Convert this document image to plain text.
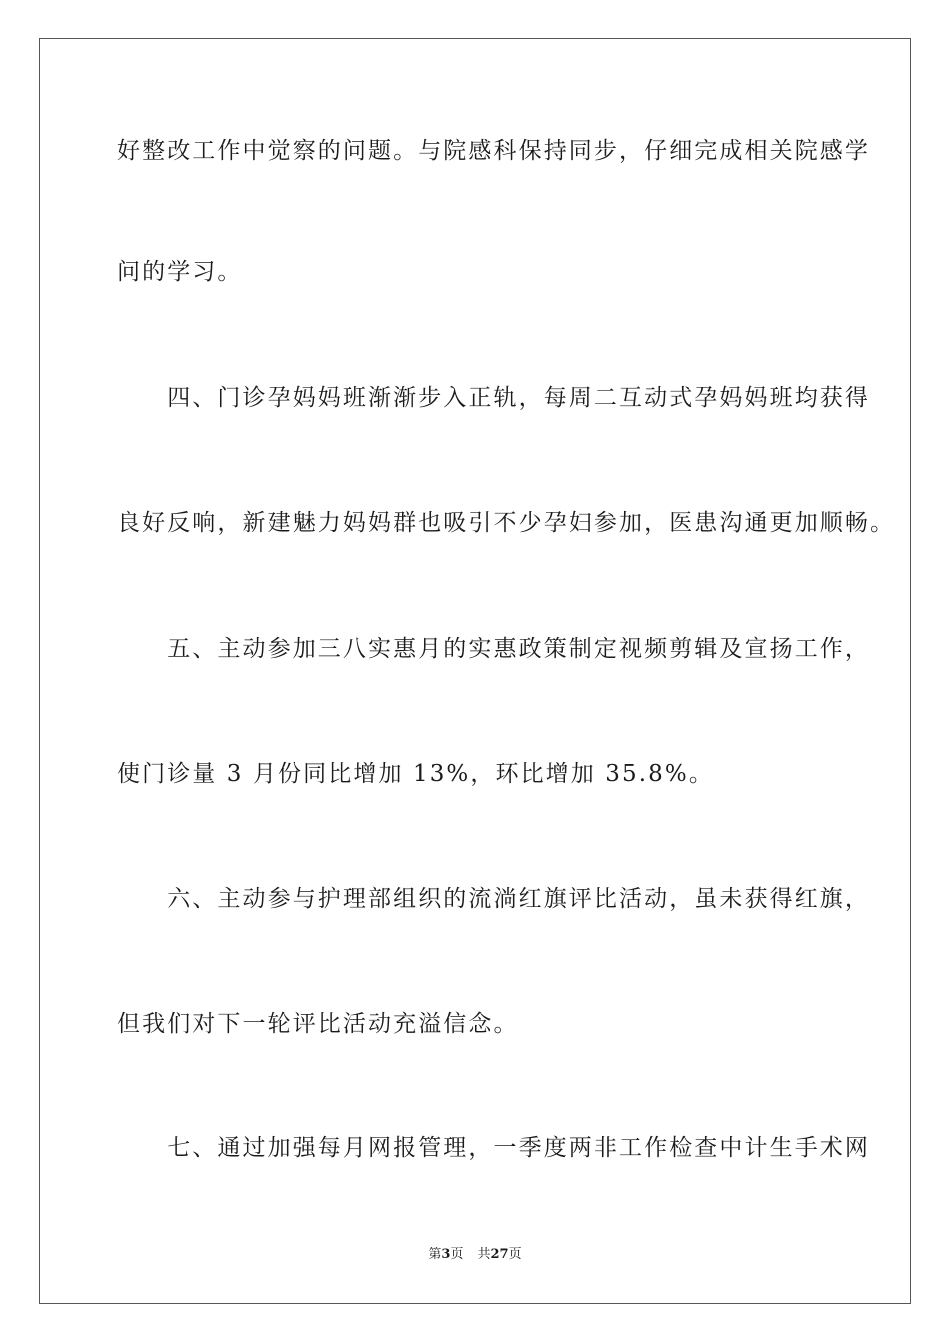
好整改工作中觉察的问题。与院感科保持同步，仔细完成相关院感学
问的学习。
　　四、门诊孕妈妈班渐渐步入正轨，每周二互动式孕妈妈班均获得
良好反响，新建魅力妈妈群也吸引不少孕妇参加，医患沟通更加顺畅。
　　五、主动参加三八实惠月的实惠政策制定视频剪辑及宣扬工作，
使门诊量 3 月份同比增加 13%，环比增加 35.8%。
　　六、主动参与护理部组织的流淌红旗评比活动，虽未获得红旗，
但我们对下一轮评比活动充溢信念。
　　七、通过加强每月网报管理，一季度两非工作检查中计生手术网
第3页 共27页
